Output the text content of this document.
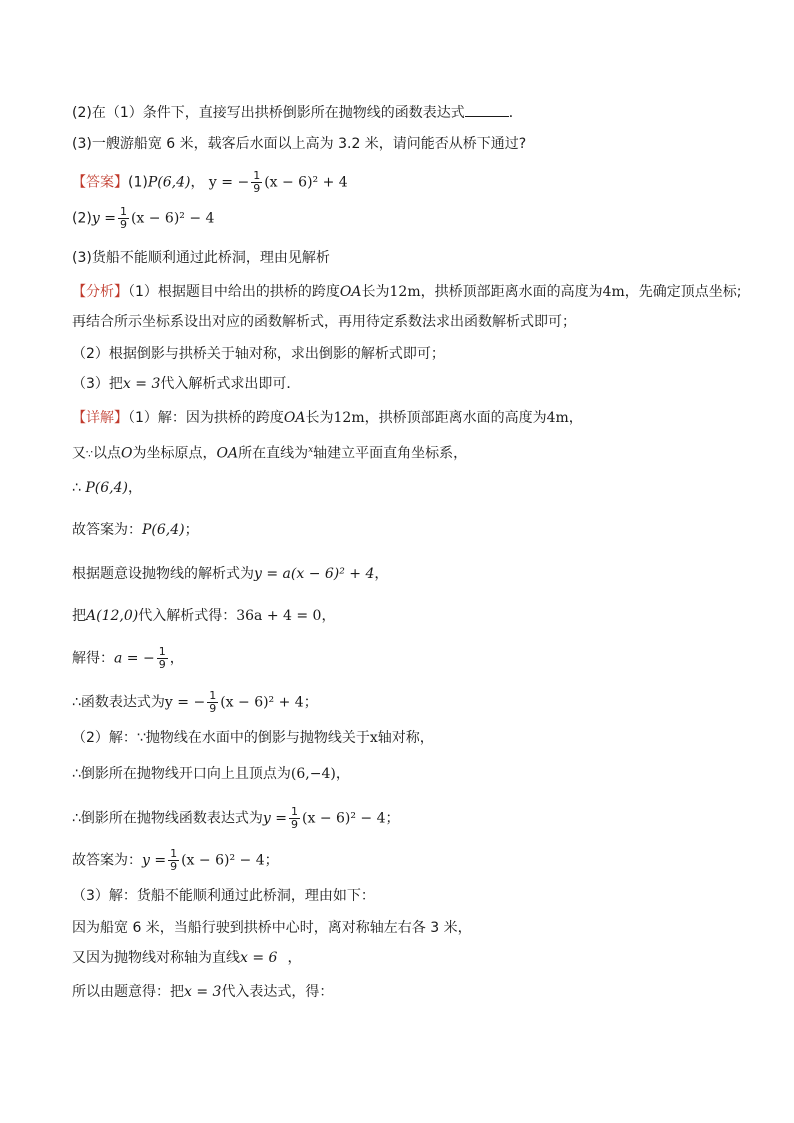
(2)在（1）条件下，直接写出拱桥倒影所在抛物线的函数表达式	．
(3)一艘游船宽 6 米，载客后水面以上高为 3.2 米，请问能否从桥下通过?
【答案】(1)P(6,4)， y = − $\frac{1}{9} (x - 6)^2 + 4$
$(2)y = \frac{1}{9} (x - 6)^2 - 4$
(3)货船不能顺利通过此桥洞，理由见解析
【分析】（1）根据题目中给出的拱桥的跨度OA长为12m，拱桥顶部距离水面的高度为4m，先确定顶点坐标;
再结合所示坐标系设出对应的函数解析式，再用待定系数法求出函数解析式即可；
（2）根据倒影与拱桥关于轴对称，求出倒影的解析式即可；
（3）把x = 3代入解析式求出即可．
【详解】（1）解：因为拱桥的跨度OA长为12m，拱桥顶部距离水面的高度为4m，
又∵以点O为坐标原点，OA所在直线为$^x$轴建立平面直角坐标系，
∴ P(6,4)，
故答案为：P(6,4)；
根据题意设抛物线的解析式为y = a(x − 6)² + 4，
把A(12,0)代入解析式得：36a + 4 = 0，
解得：a = − $\frac{1}{9}$ ，
∴函数表达式为y = − $\frac{1}{9} (x - 6)^2 + 4$；
（2）解：∵抛物线在水面中的倒影与抛物线关于x轴对称，
∴倒影所在抛物线开口向上且顶点为(6,−4)，
∴倒影所在抛物线函数表达式为$y = \frac{1}{9} (x - 6)^2 - 4$；
故答案为：$y = \frac{1}{9} (x - 6)^2 - 4$；
（3）解：货船不能顺利通过此桥洞，理由如下：
因为船宽 6 米，当船行驶到拱桥中心时，离对称轴左右各 3 米，
又因为抛物线对称轴为直线x = 6 ，
所以由题意得：把x = 3代入表达式，得：
